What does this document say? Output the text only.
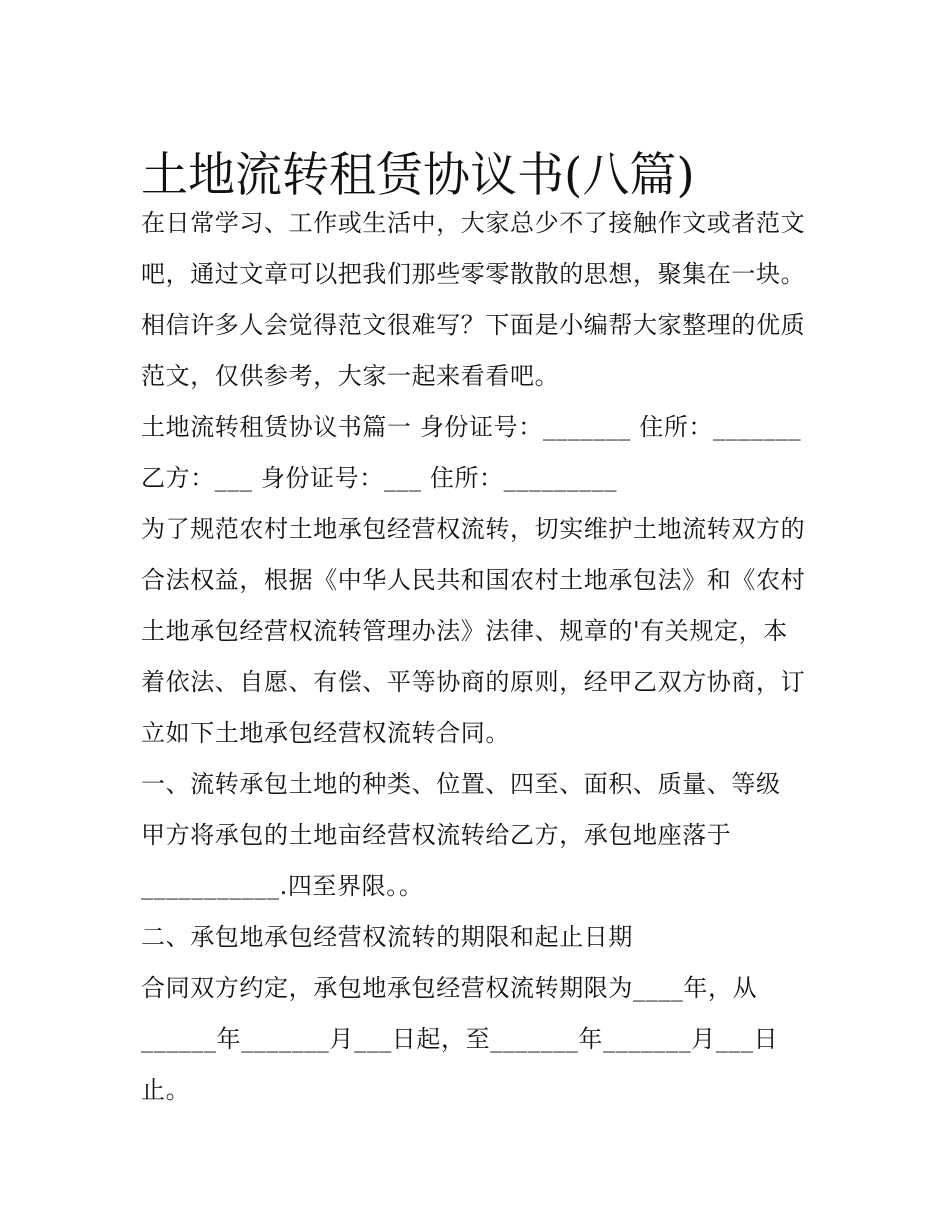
土地流转租赁协议书(八篇)
在日常学习、工作或生活中，大家总少不了接触作文或者范文
吧，通过文章可以把我们那些零零散散的思想，聚集在一块。
相信许多人会觉得范文很难写？下面是小编帮大家整理的优质
范文，仅供参考，大家一起来看看吧。
土地流转租赁协议书篇一 身份证号：_______ 住所：_______
乙方：___ 身份证号：___ 住所：_________
为了规范农村土地承包经营权流转，切实维护土地流转双方的
合法权益，根据《中华人民共和国农村土地承包法》和《农村
土地承包经营权流转管理办法》法律、规章的'有关规定，本
着依法、自愿、有偿、平等协商的原则，经甲乙双方协商，订
立如下土地承包经营权流转合同。
一、流转承包土地的种类、位置、四至、面积、质量、等级
甲方将承包的土地亩经营权流转给乙方，承包地座落于
___________.四至界限。。
二、承包地承包经营权流转的期限和起止日期
合同双方约定，承包地承包经营权流转期限为____年，从
______年_______月___日起，至_______年_______月___日
止。
